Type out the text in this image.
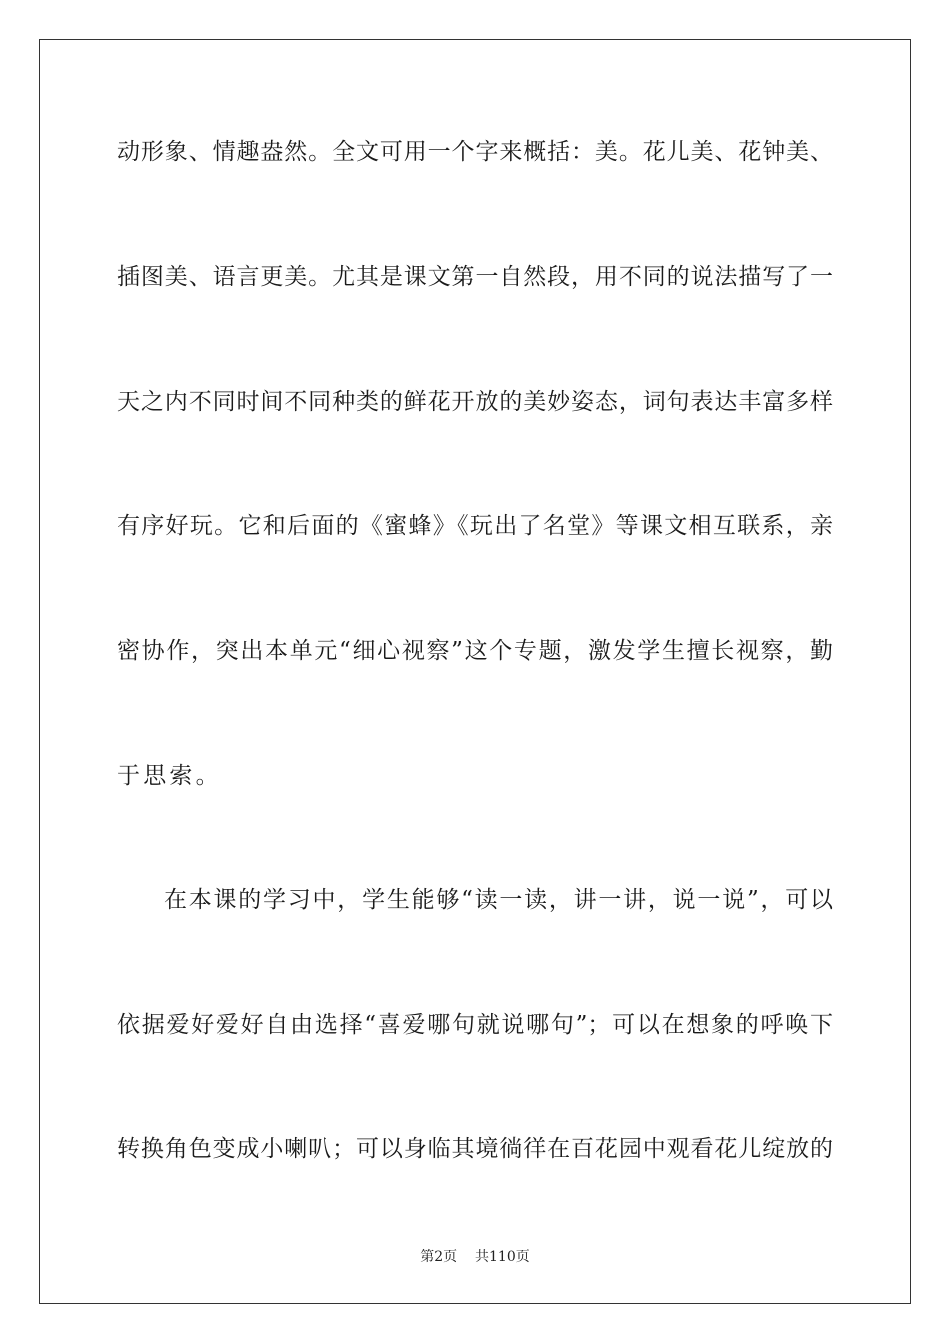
动形象、情趣盎然。全文可用一个字来概括：美。花儿美、花钟美、
插图美、语言更美。尤其是课文第一自然段，用不同的说法描写了一
天之内不同时间不同种类的鲜花开放的美妙姿态，词句表达丰富多样
有序好玩。它和后面的《蜜蜂》《玩出了名堂》等课文相互联系，亲
密协作，突出本单元“细心视察”这个专题，激发学生擅长视察，勤
于思索。
在本课的学习中，学生能够“读一读，讲一讲，说一说”，可以
依据爱好爱好自由选择“喜爱哪句就说哪句”；可以在想象的呼唤下
转换角色变成小喇叭；可以身临其境徜徉在百花园中观看花儿绽放的
第2页 共110页
